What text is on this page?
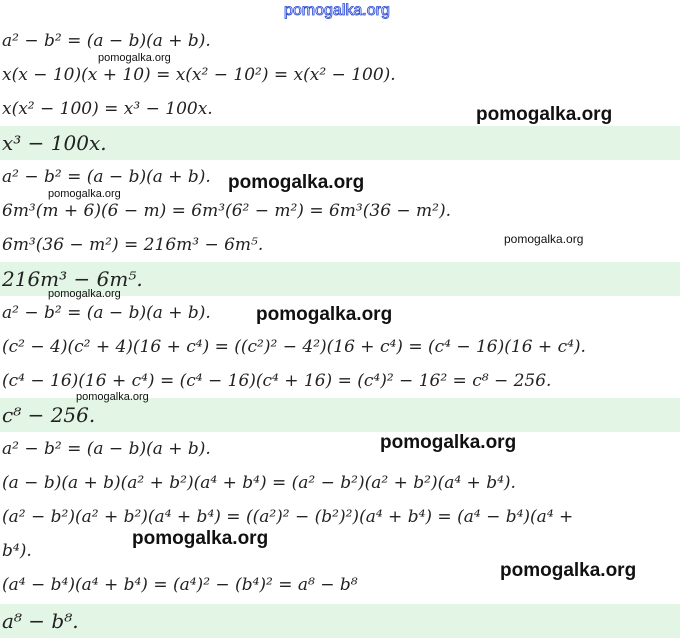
pomogalka.org
a² − b² = (a − b)(a + b).
x(x − 10)(x + 10) = x(x² − 10²) = x(x² − 100).
x(x² − 100) = x³ − 100x.
x³ − 100x.
a² − b² = (a − b)(a + b).
6m³(m + 6)(6 − m) = 6m³(6² − m²) = 6m³(36 − m²).
6m³(36 − m²) = 216m³ − 6m⁵.
216m³ − 6m⁵.
a² − b² = (a − b)(a + b).
(c² − 4)(c² + 4)(16 + c⁴) = ((c²)² − 4²)(16 + c⁴) = (c⁴ − 16)(16 + c⁴).
(c⁴ − 16)(16 + c⁴) = (c⁴ − 16)(c⁴ + 16) = (c⁴)² − 16² = c⁸ − 256.
c⁸ − 256.
a² − b² = (a − b)(a + b).
(a − b)(a + b)(a² + b²)(a⁴ + b⁴) = (a² − b²)(a² + b²)(a⁴ + b⁴).
(a² − b²)(a² + b²)(a⁴ + b⁴) = ((a²)² − (b²)²)(a⁴ + b⁴) = (a⁴ − b⁴)(a⁴ +
b⁴).
(a⁴ − b⁴)(a⁴ + b⁴) = (a⁴)² − (b⁴)² = a⁸ − b⁸
a⁸ − b⁸.
pomogalka.org
pomogalka.org
pomogalka.org
pomogalka.org
pomogalka.org
pomogalka.org
pomogalka.org
pomogalka.org
pomogalka.org
pomogalka.org
pomogalka.org
